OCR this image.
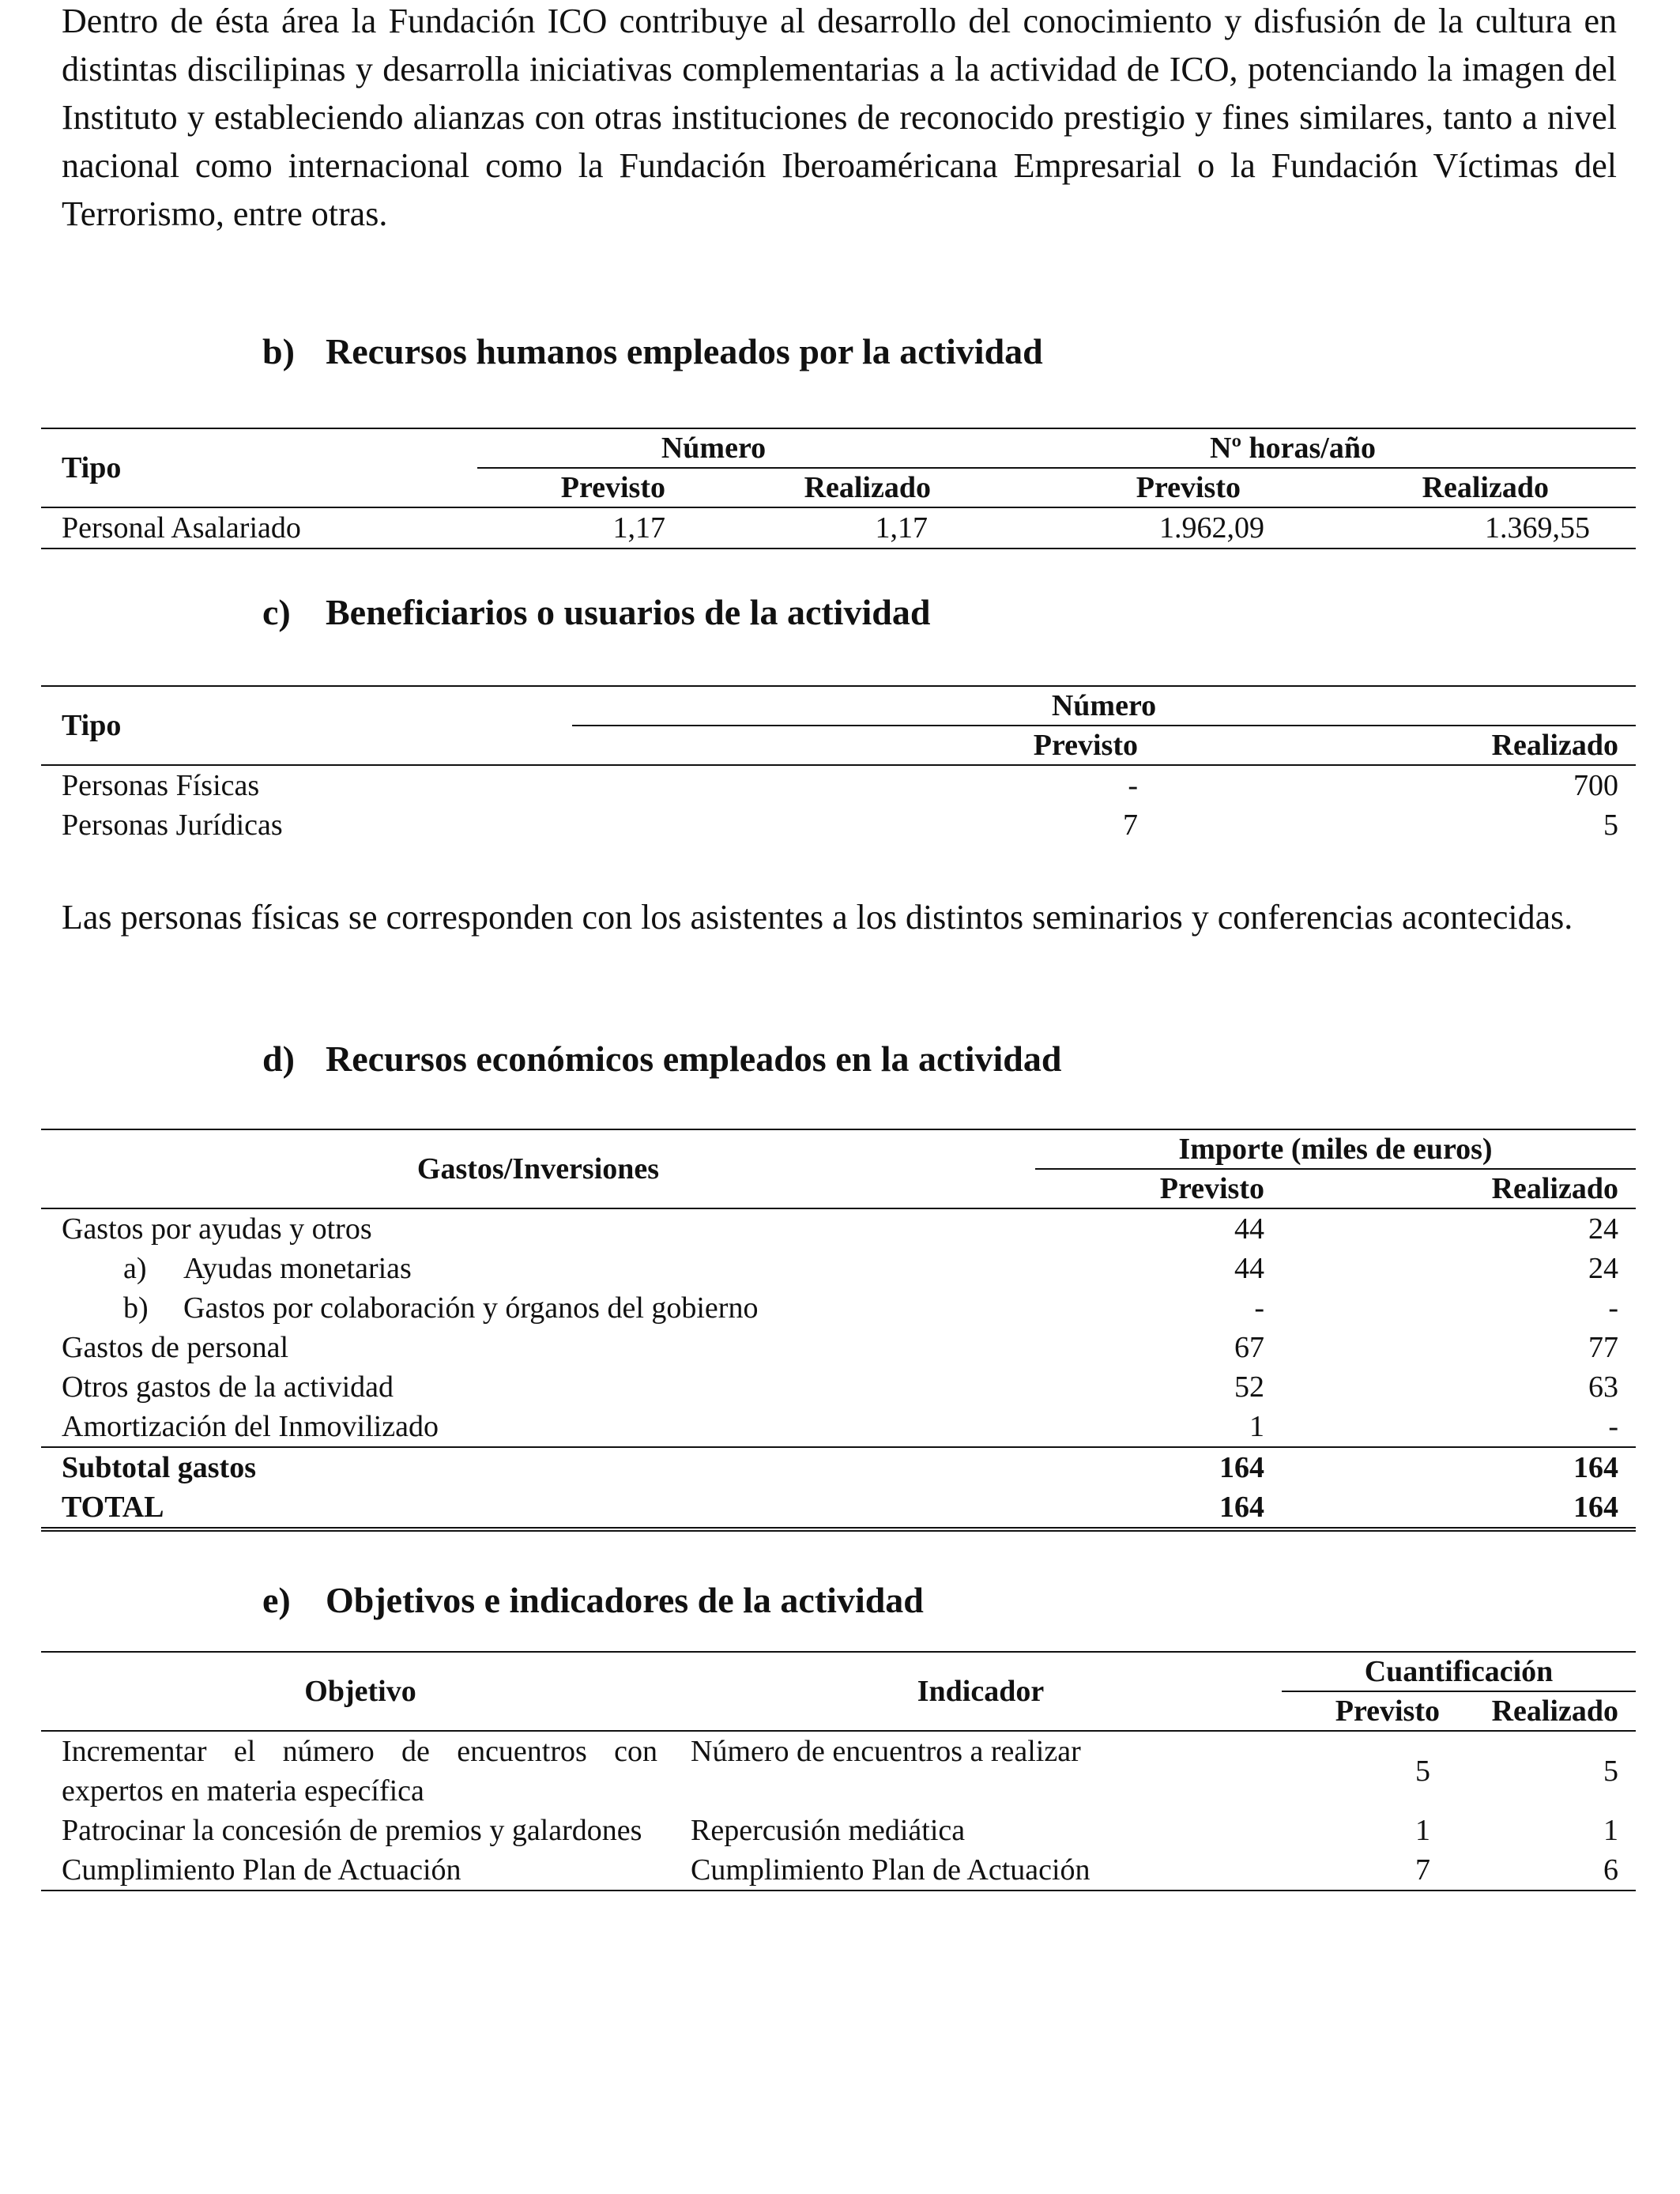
Dentro de ésta área la Fundación ICO contribuye al desarrollo del conocimiento y disfusión de la cultura en distintas discilipinas y desarrolla iniciativas complementarias a la actividad de ICO, potenciando la imagen del Instituto y estableciendo alianzas con otras instituciones de reconocido prestigio y fines similares, tanto a nivel nacional como internacional como la Fundación Iberoaméricana Empresarial o la Fundación Víctimas del Terrorismo, entre otras.

b) Recursos humanos empleados por la actividad
Tipo	Número		Nº horas/año	
	Previsto	Realizado	Previsto	Realizado
Personal Asalariado	1,17	1,17	1.962,09	1.369,55
c) Beneficiarios o usuarios de la actividad
Tipo	Número	
	Previsto	Realizado
Personas Físicas	-	700
Personas Jurídicas	7	5

Las personas físicas se corresponden con los asistentes a los distintos seminarios y conferencias acontecidas.

d) Recursos económicos empleados en la actividad
Gastos/Inversiones	Importe (miles de euros)	
	Previsto	Realizado
Gastos por ayudas y otros	44	24
a) Ayudas monetarias	44	24
b) Gastos por colaboración y órganos del gobierno	-	-
Gastos de personal	67	77
Otros gastos de la actividad	52	63
Amortización del Inmovilizado	1	-
Subtotal gastos	164	164
TOTAL	164	164
e) Objetivos e indicadores de la actividad
Objetivo	Indicador	Cuantificación	
		Previsto	Realizado
Incrementar el número de encuentros con expertos en materia específica	Número de encuentros a realizar	5	5
Patrocinar la concesión de premios y galardones	Repercusión mediática	1	1
Cumplimiento Plan de Actuación	Cumplimiento Plan de Actuación	7	6
